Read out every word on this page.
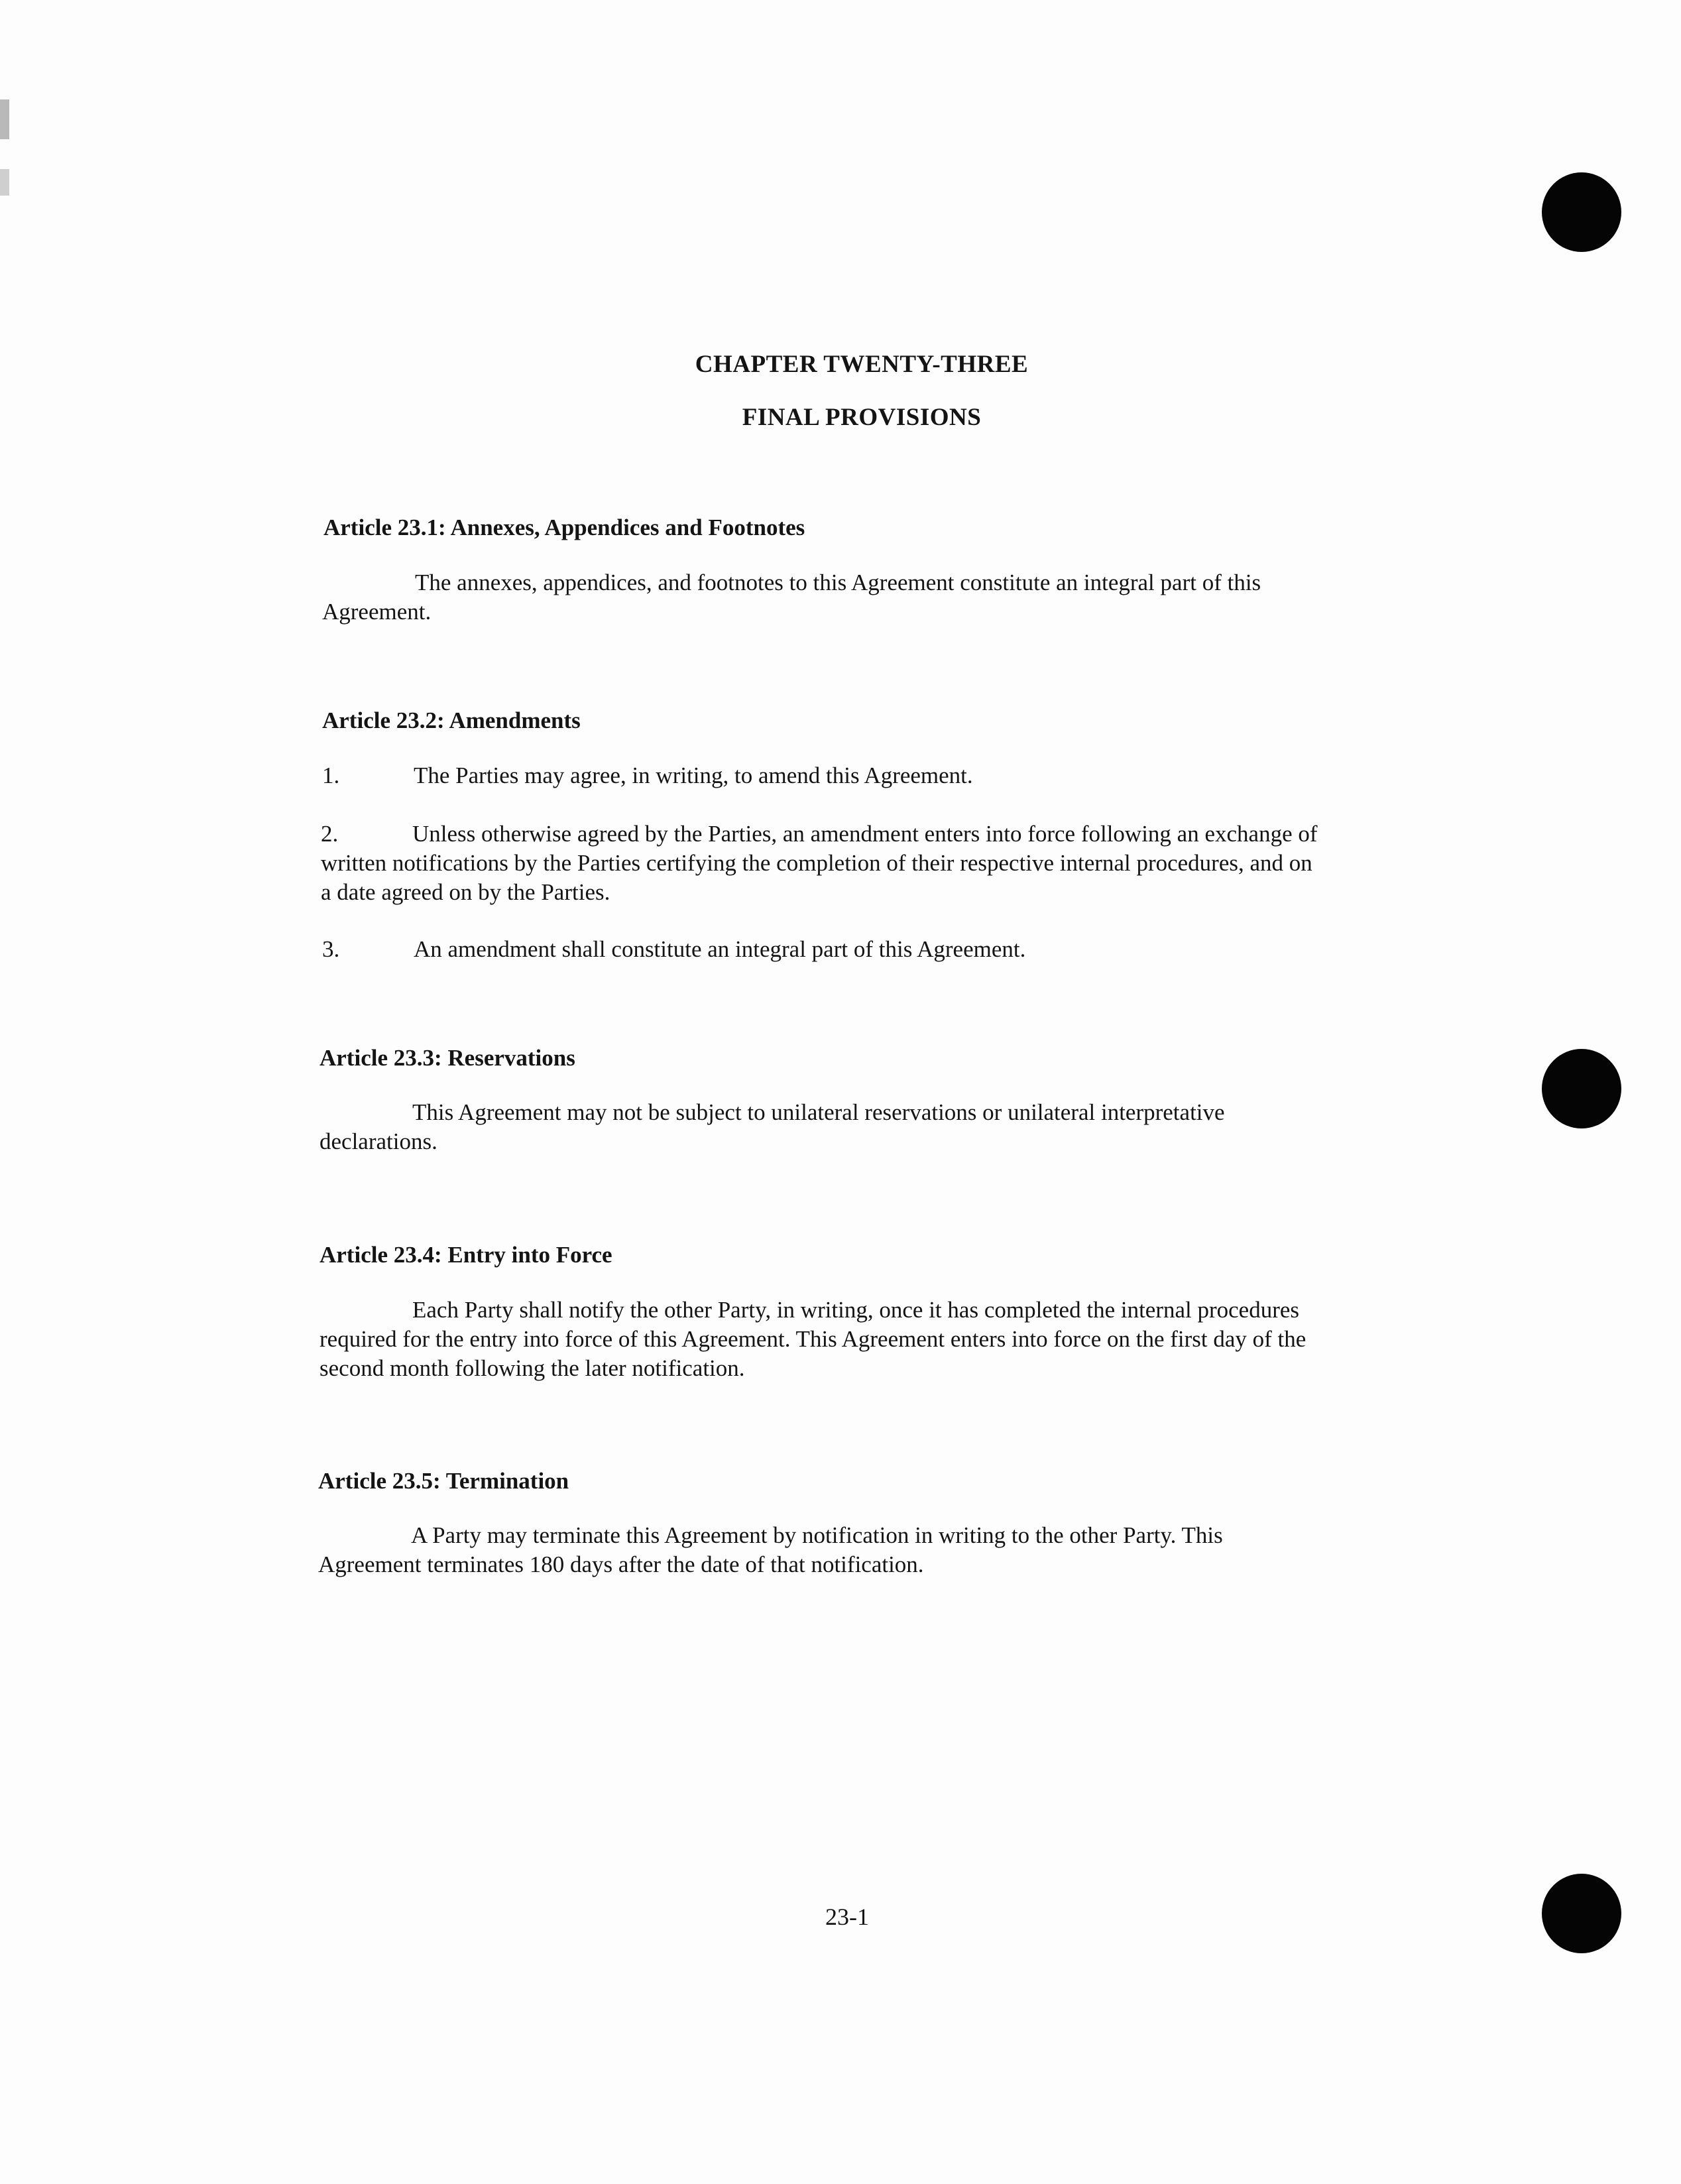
CHAPTER TWENTY-THREE
FINAL PROVISIONS
Article 23.1: Annexes, Appendices and Footnotes
The annexes, appendices, and footnotes to this Agreement constitute an integral part of this Agreement.
Article 23.2: Amendments
1.	The Parties may agree, in writing, to amend this Agreement.
2.	Unless otherwise agreed by the Parties, an amendment enters into force following an exchange of written notifications by the Parties certifying the completion of their respective internal procedures, and on a date agreed on by the Parties.
3.	An amendment shall constitute an integral part of this Agreement.
Article 23.3: Reservations
This Agreement may not be subject to unilateral reservations or unilateral interpretative declarations.
Article 23.4: Entry into Force
Each Party shall notify the other Party, in writing, once it has completed the internal procedures required for the entry into force of this Agreement. This Agreement enters into force on the first day of the second month following the later notification.
Article 23.5: Termination
A Party may terminate this Agreement by notification in writing to the other Party. This Agreement terminates 180 days after the date of that notification.
23-1
